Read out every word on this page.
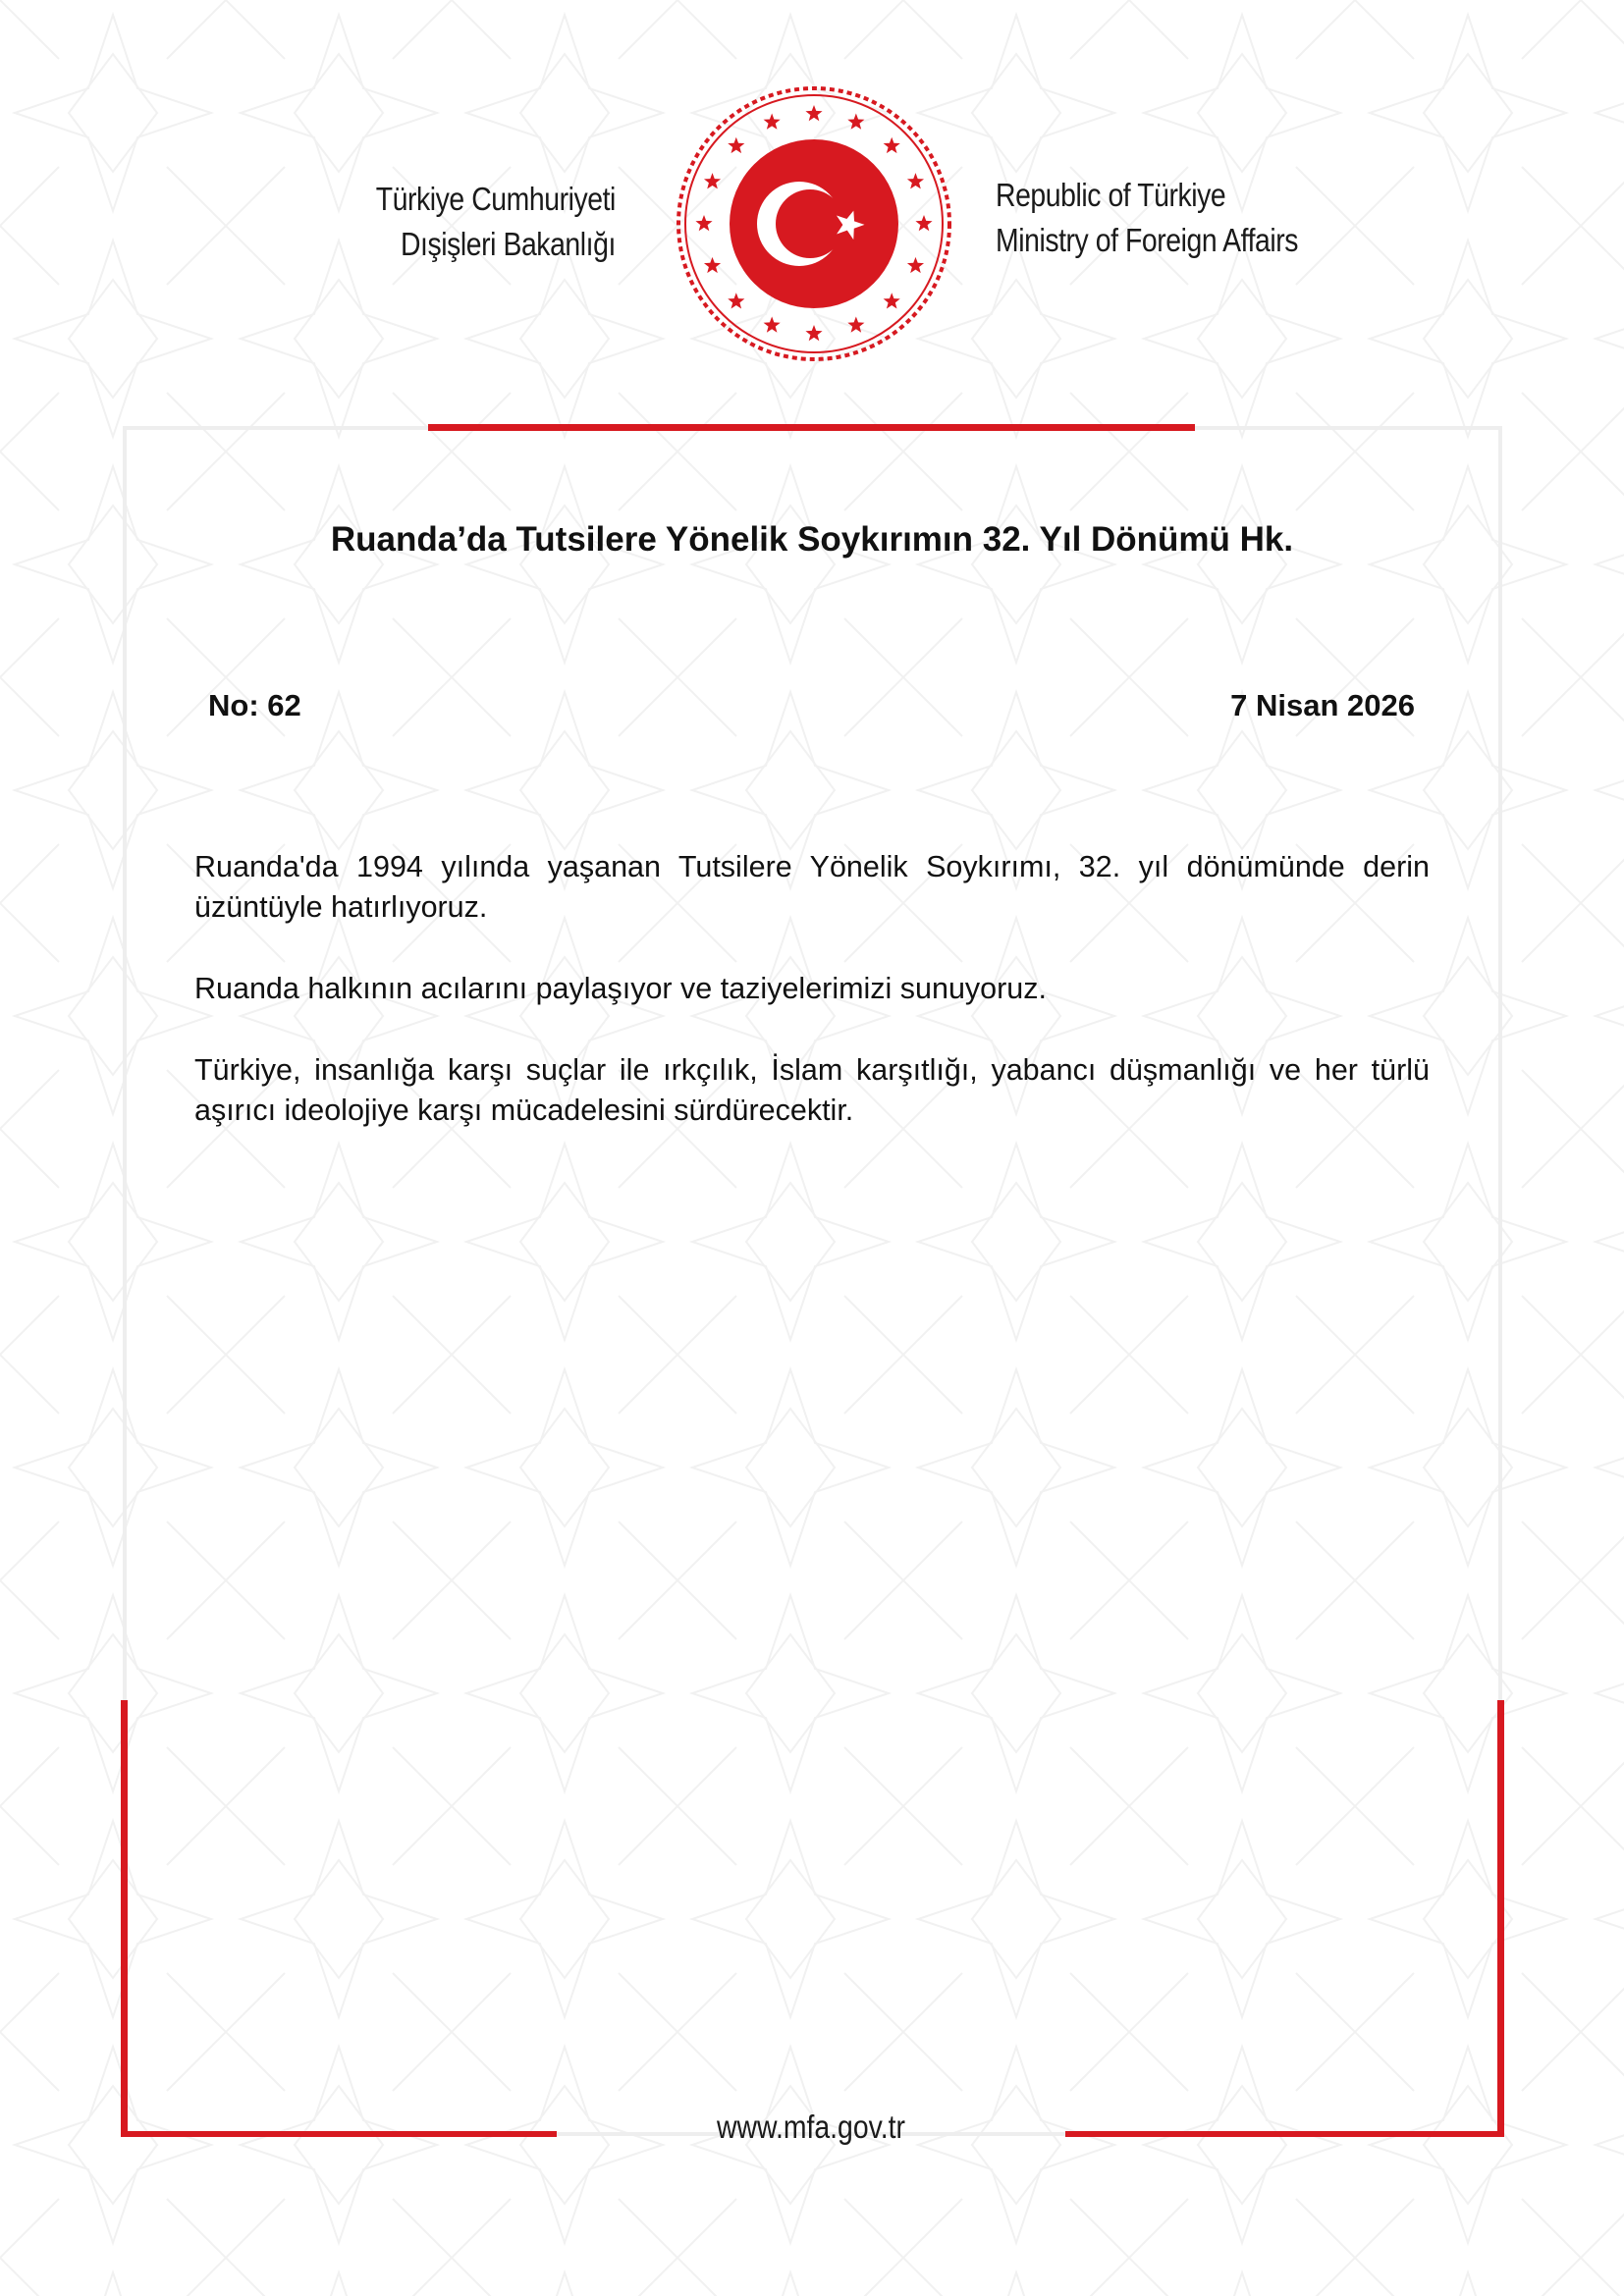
Türkiye Cumhuriyeti
Dışişleri Bakanlığı
Republic of Türkiye
Ministry of Foreign Affairs
Ruanda’da Tutsilere Yönelik Soykırımın 32. Yıl Dönümü Hk.
No: 62	7 Nisan 2026

Ruanda'da 1994 yılında yaşanan Tutsilere Yönelik Soykırımı, 32. yıl dönümünde derin üzüntüyle hatırlıyoruz.

Ruanda halkının acılarını paylaşıyor ve taziyelerimizi sunuyoruz.

Türkiye, insanlığa karşı suçlar ile ırkçılık, İslam karşıtlığı, yabancı düşmanlığı ve her türlü aşırıcı ideolojiye karşı mücadelesini sürdürecektir.

www.mfa.gov.tr
